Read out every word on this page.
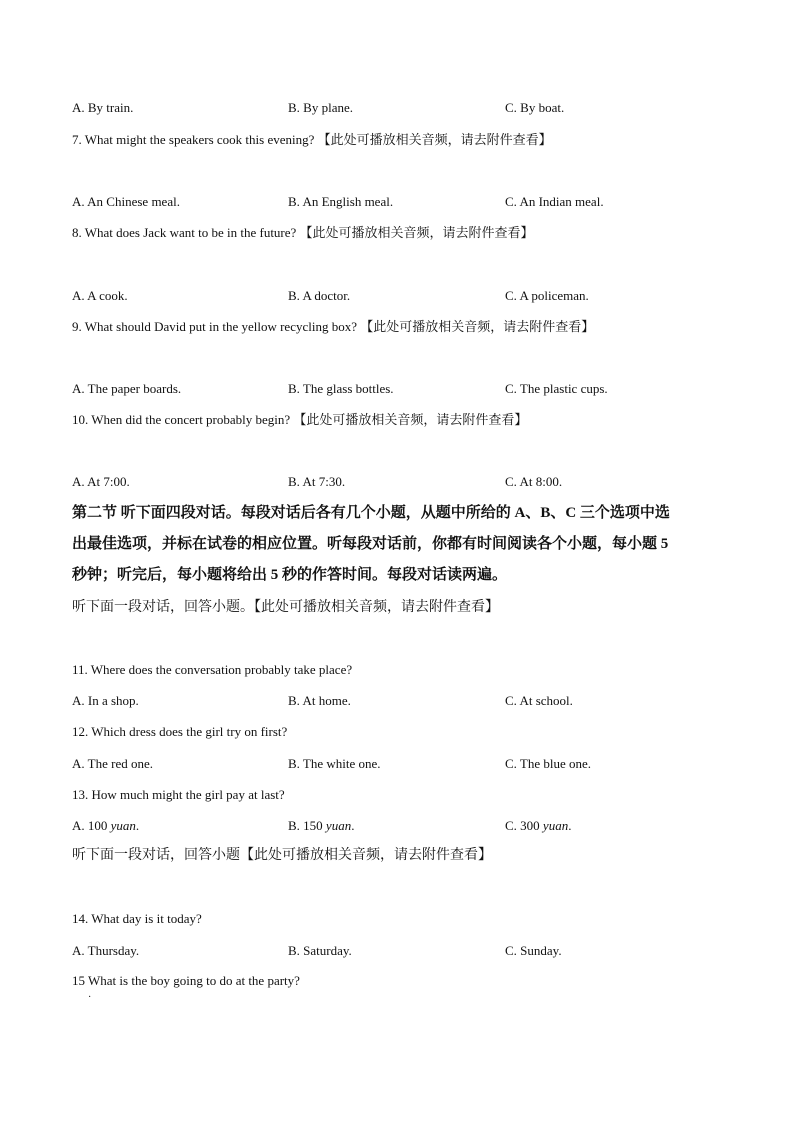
A. By train.	B. By plane.	C. By boat.
7. What might the speakers cook this evening? 【此处可播放相关音频，请去附件查看】
A. An Chinese meal.	B. An English meal.	C. An Indian meal.
8. What does Jack want to be in the future? 【此处可播放相关音频，请去附件查看】
A. A cook.	B. A doctor.	C. A policeman.
9. What should David put in the yellow recycling box? 【此处可播放相关音频，请去附件查看】
A. The paper boards.	B. The glass bottles.	C. The plastic cups.
10. When did the concert probably begin? 【此处可播放相关音频，请去附件查看】
A. At 7:00.	B. At 7:30.	C. At 8:00.
第二节 听下面四段对话。每段对话后各有几个小题，从题中所给的 A、B、C 三个选项中选
出最佳选项，并标在试卷的相应位置。听每段对话前，你都有时间阅读各个小题，每小题 5
秒钟；听完后，每小题将给出 5 秒的作答时间。每段对话读两遍。
听下面一段对话，回答小题。【此处可播放相关音频，请去附件查看】
11. Where does the conversation probably take place?
A. In a shop.	B. At home.	C. At school.
12. Which dress does the girl try on first?
A. The red one.	B. The white one.	C. The blue one.
13. How much might the girl pay at last?
A. 100 yuan.	B. 150 yuan.	C. 300 yuan.
听下面一段对话，回答小题【此处可播放相关音频，请去附件查看】
14. What day is it today?
A. Thursday.	B. Saturday.	C. Sunday.
15 What is the boy going to do at the party?
·
